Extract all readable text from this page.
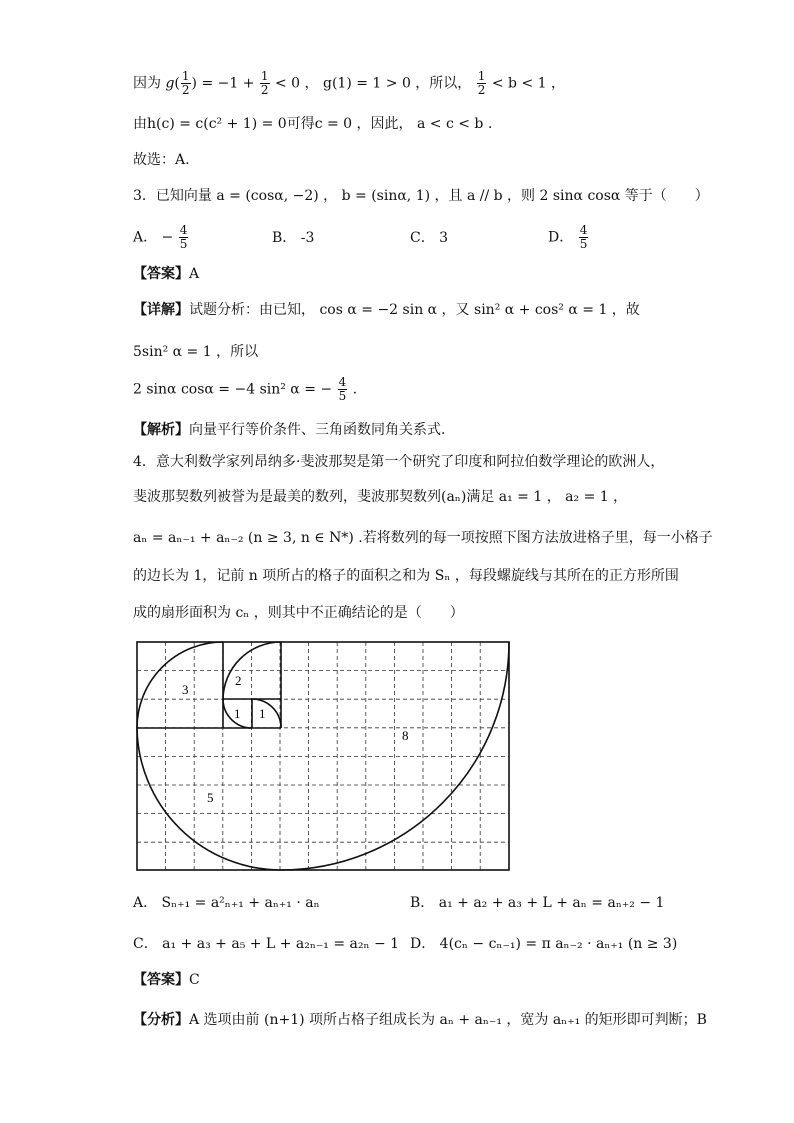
因为 $g( \frac{1}{2}$ ) = $-1 + \frac{1}{2} < 0$ ， g(1) = 1 > 0 ，所以， $\frac{1}{2} < b < 1$ ，
由h(c) = c(c² + 1) = 0可得c = 0 ，因此， a < c < b .
故选：A.
3．已知向量 a = (cosα, −2) ， b = (sinα, 1) ，且 a // b ，则 2 sinα cosα 等于（　　）
A． − $\frac{4}{5}$	B． -3	C． 3	D． $\frac{4}{5}$
【答案】A
【详解】试题分析：由已知， cos α = −2 sin α ，又 sin² α + cos² α = 1 ，故
5sin² α = 1 ，所以
2 sinα cosα = −4 sin² α = − $\frac{4}{5}$ .
【解析】向量平行等价条件、三角函数同角关系式.
4．意大利数学家列昂纳多·斐波那契是第一个研究了印度和阿拉伯数学理论的欧洲人，
斐波那契数列被誉为是最美的数列，斐波那契数列(aₙ)满足 a₁ = 1 ， a₂ = 1 ，
aₙ = aₙ₋₁ + aₙ₋₂ (n ≥ 3, n ∈ N*) .若将数列的每一项按照下图方法放进格子里，每一小格子
的边长为 1，记前 n 项所占的格子的面积之和为 Sₙ ，每段螺旋线与其所在的正方形所围
成的扇形面积为 cₙ ，则其中不正确结论的是（　　）
3
2
1 1
8
5
A． Sₙ₊₁ = a²ₙ₊₁ + aₙ₊₁ · aₙ	B． a₁ + a₂ + a₃ + L + aₙ = aₙ₊₂ − 1
C． a₁ + a₃ + a₅ + L + a₂ₙ₋₁ = a₂ₙ − 1 D． 4(cₙ − cₙ₋₁) = π aₙ₋₂ · aₙ₊₁ (n ≥ 3)
【答案】C
【分析】A 选项由前 (n+1) 项所占格子组成长为 aₙ + aₙ₋₁ ，宽为 aₙ₊₁ 的矩形即可判断；B
